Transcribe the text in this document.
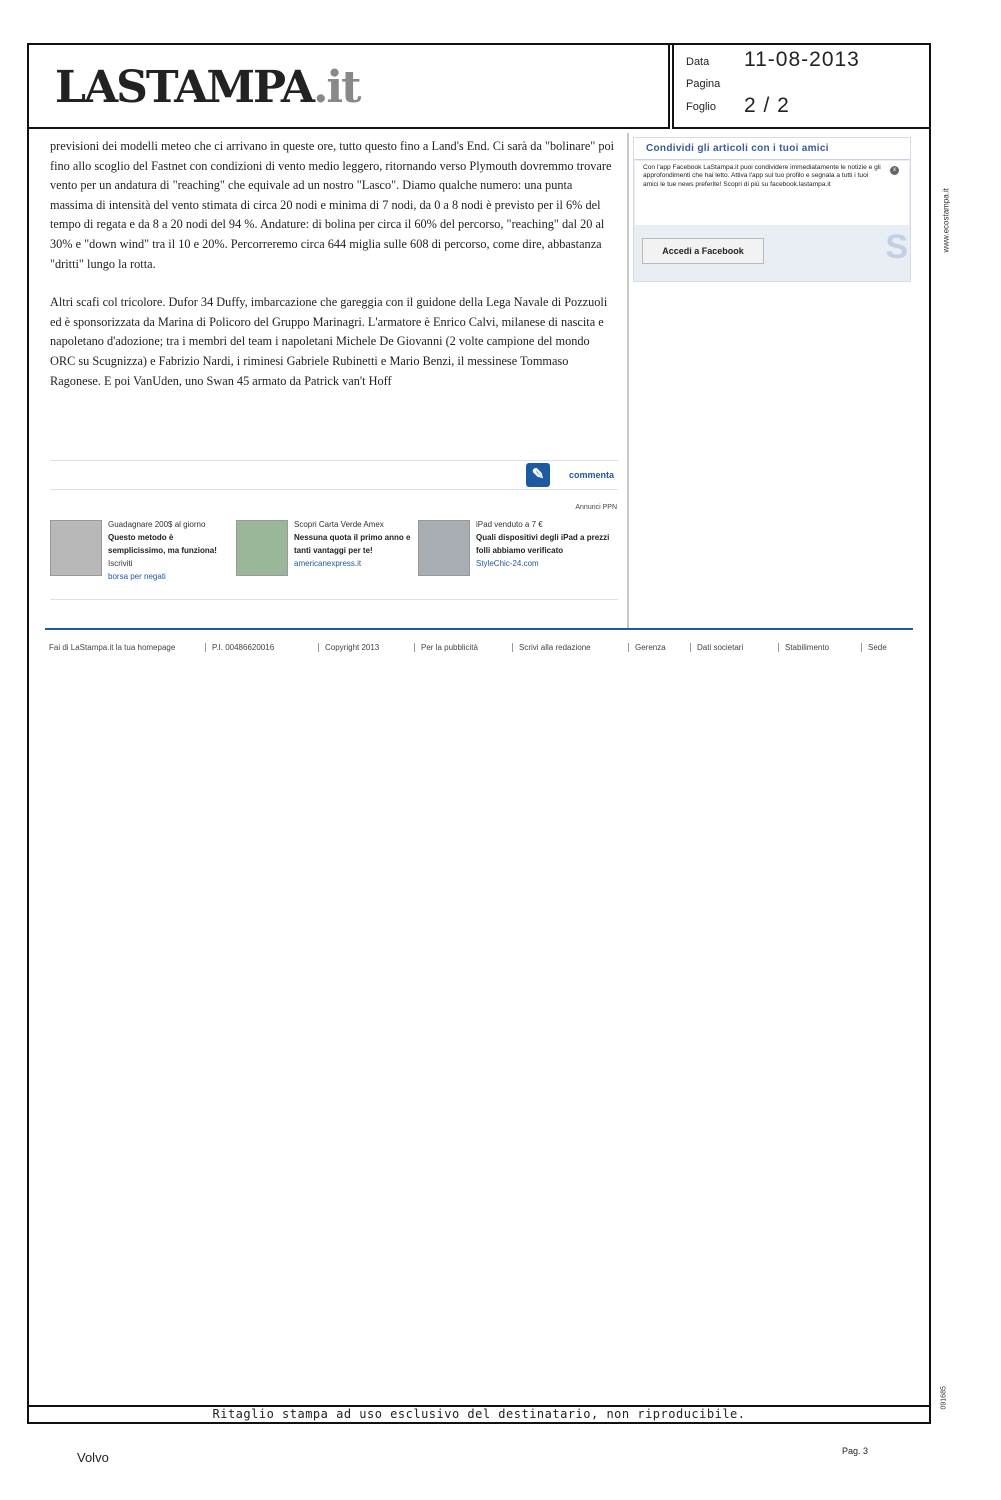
LASTAMPA.it	Data 11-08-2013
Pagina
Foglio 2 / 2

previsioni dei modelli meteo che ci arrivano in queste ore, tutto questo fino a Land's End. Ci sarà da "bolinare" poi fino allo scoglio del Fastnet con condizioni di vento medio leggero, ritornando verso Plymouth dovremmo trovare vento per un andatura di "reaching" che equivale ad un nostro "Lasco". Diamo qualche numero: una punta massima di intensità del vento stimata di circa 20 nodi e minima di 7 nodi, da 0 a 8 nodi è previsto per il 6% del tempo di regata e da 8 a 20 nodi del 94 %. Andature: di bolina per circa il 60% del percorso, "reaching" dal 20 al 30% e "down wind" tra il 10 e 20%. Percorreremo circa 644 miglia sulle 608 di percorso, come dire, abbastanza "dritti" lungo la rotta.

Altri scafi col tricolore. Dufor 34 Duffy, imbarcazione che gareggia con il guidone della Lega Navale di Pozzuoli ed è sponsorizzata da Marina di Policoro del Gruppo Marinagri. L'armatore è Enrico Calvi, milanese di nascita e napoletano d'adozione; tra i membri del team i napoletani Michele De Giovanni (2 volte campione del mondo ORC su Scugnizza) e Fabrizio Nardi, i riminesi Gabriele Rubinetti e Mario Benzi, il messinese Tommaso Ragonese. E poi VanUden, uno Swan 45 armato da Patrick van't Hoff

✎	commenta
Annunci PPN
Guadagnare 200$ al giorno
Questo metodo è semplicissimo, ma funziona!
Iscriviti
borsa per negati
Scopri Carta Verde Amex
Nessuna quota il primo anno e tanti vantaggi per te!
americanexpress.it
iPad venduto a 7 €
Quali dispositivi degli iPad a prezzi folli abbiamo verificato
StyleChic-24.com
Condividi gli articoli con i tuoi amici
Con l'app Facebook LaStampa.it puoi condividere immediatamente le notizie e gli approfondimenti che hai letto. Attiva l'app sul tuo profilo e segnala a tutti i tuoi amici le tue news preferite! Scopri di più su facebook.lastampa.it
x
Accedi a Facebook	S	www.ecostampa.it
091685
Fai di LaStampa.it la tua homepage	P.I. 00486620016	Copyright 2013	Per la pubblicità	Scrivi alla redazione	Gerenza	Dati societari	Stabilimento	Sede
Ritaglio stampa ad uso esclusivo del destinatario, non riproducibile.
Volvo	Pag. 3
